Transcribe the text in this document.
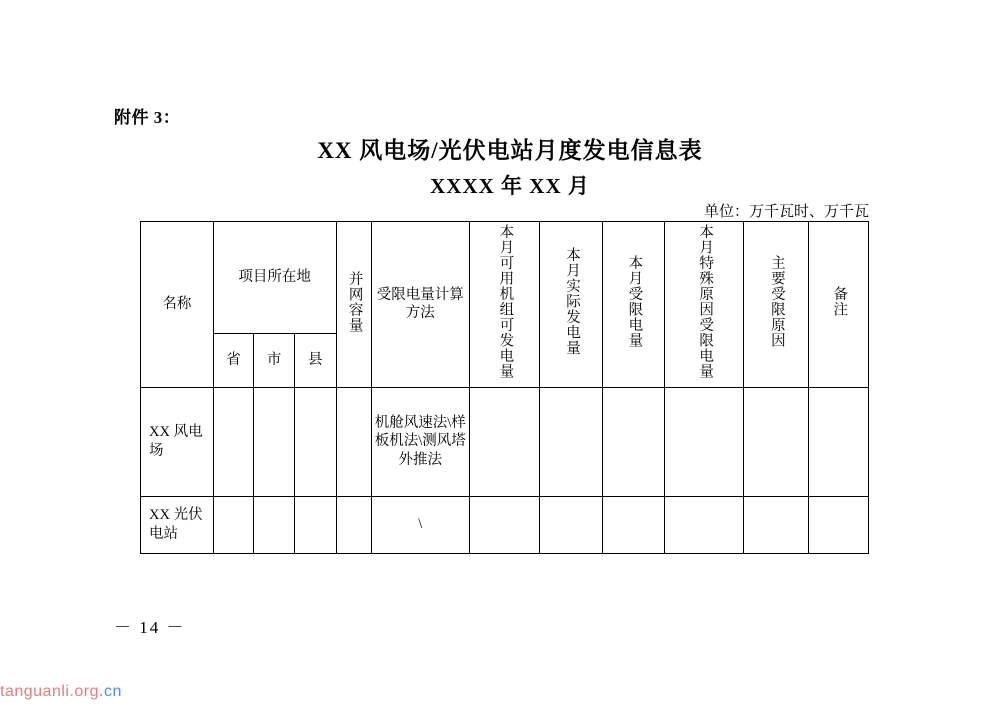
附件 3：
XX 风电场/光伏电站月度发电信息表
XXXX 年 XX 月
单位：万千瓦时、万千瓦
名称	项目所在地			并网容量	受限电量计算方法	本月可用机组可发电量	本月实际发电量	本月受限电量	本月特殊原因受限电量	主要受限原因	备注
	省	市	县								
XX 风电场					机舱风速法\样板机法\测风塔外推法						
XX 光伏电站					\						
－ 14 －
tanguanli.org.cn
